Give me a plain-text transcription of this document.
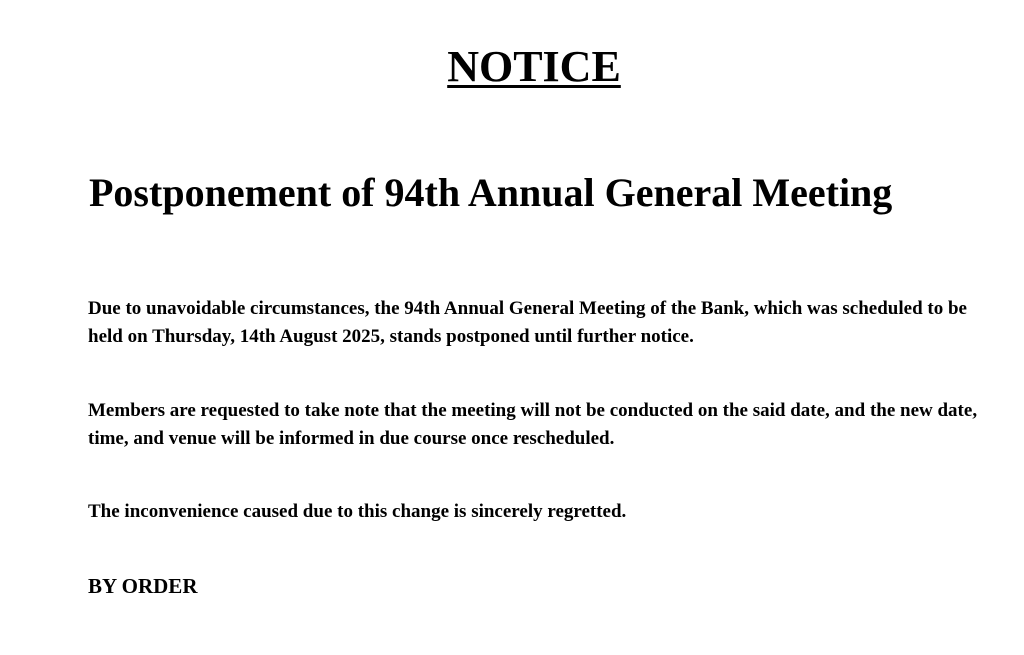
NOTICE
Postponement of 94th Annual General Meeting

Due to unavoidable circumstances, the 94th Annual General Meeting of the Bank, which was scheduled to be held on Thursday, 14th August 2025, stands postponed until further notice.

Members are requested to take note that the meeting will not be conducted on the said date, and the new date, time, and venue will be informed in due course once rescheduled.

The inconvenience caused due to this change is sincerely regretted.

BY ORDER
